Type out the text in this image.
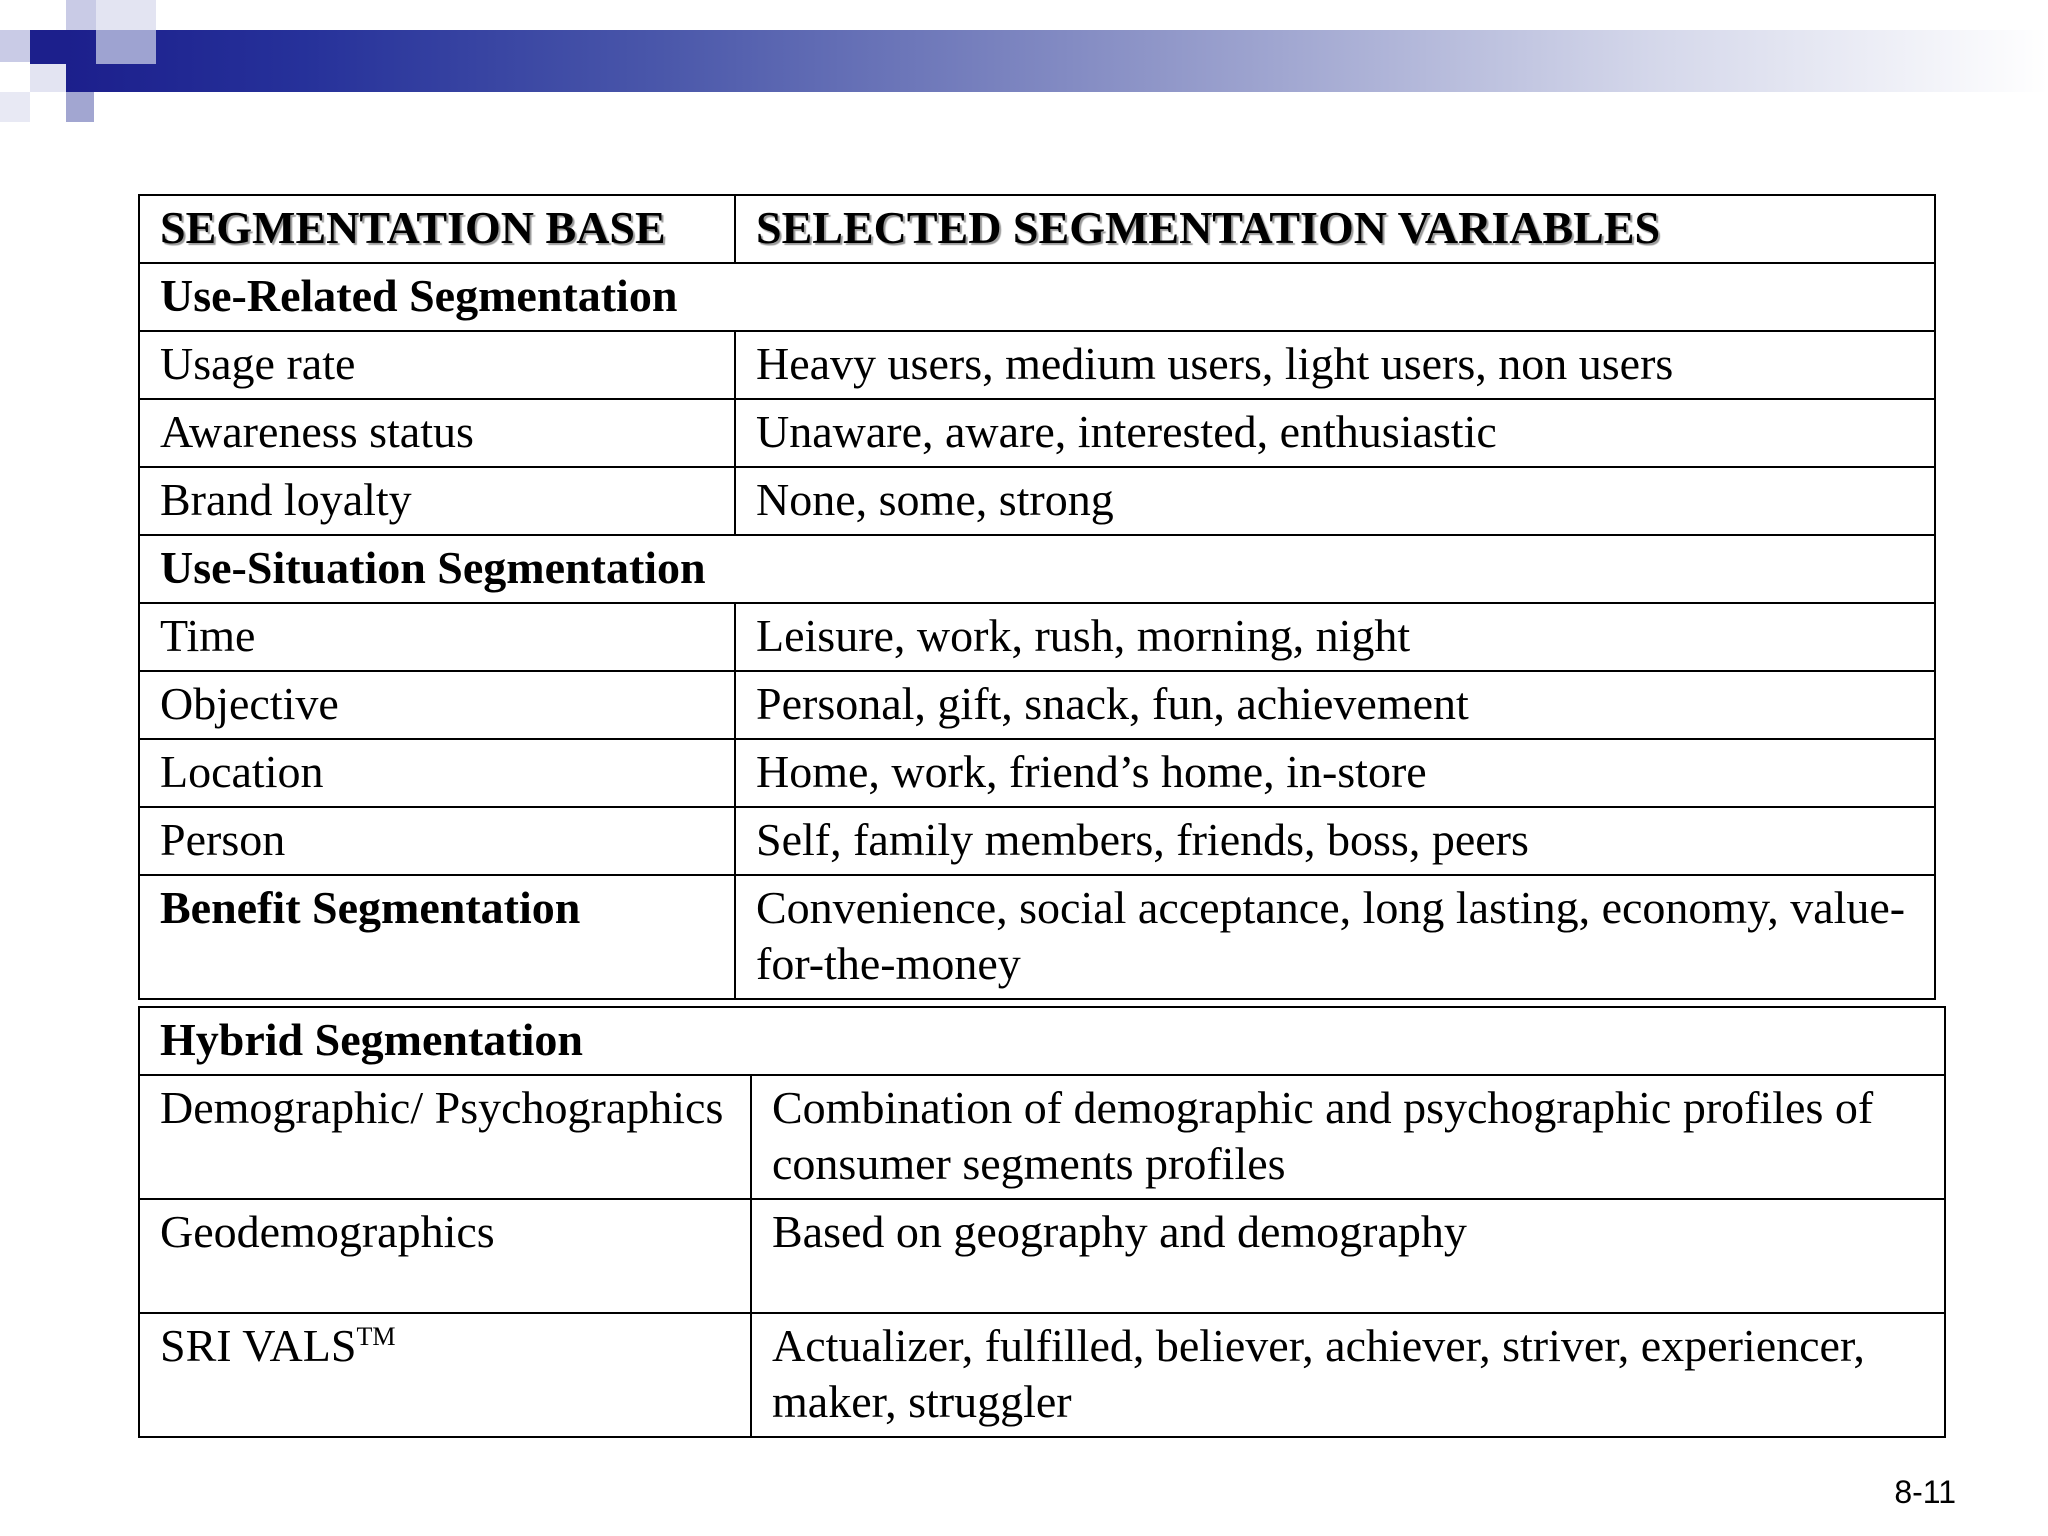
SEGMENTATION BASE	SELECTED SEGMENTATION VARIABLES
Use-Related Segmentation	
Usage rate	Heavy users, medium users, light users, non users
Awareness status	Unaware, aware, interested, enthusiastic
Brand loyalty	None, some, strong
Use-Situation Segmentation	
Time	Leisure, work, rush, morning, night
Objective	Personal, gift, snack, fun, achievement
Location	Home, work, friend’s home, in-store
Person	Self, family members, friends, boss, peers
Benefit Segmentation	Convenience, social acceptance, long lasting, economy, value-for-the-money
Hybrid Segmentation	
Demographic/ Psychographics	Combination of demographic and psychographic profiles of consumer segments profiles
Geodemographics	Based on geography and demography
SRI VALS™	Actualizer, fulfilled, believer, achiever, striver, experiencer, maker, struggler
8-11
